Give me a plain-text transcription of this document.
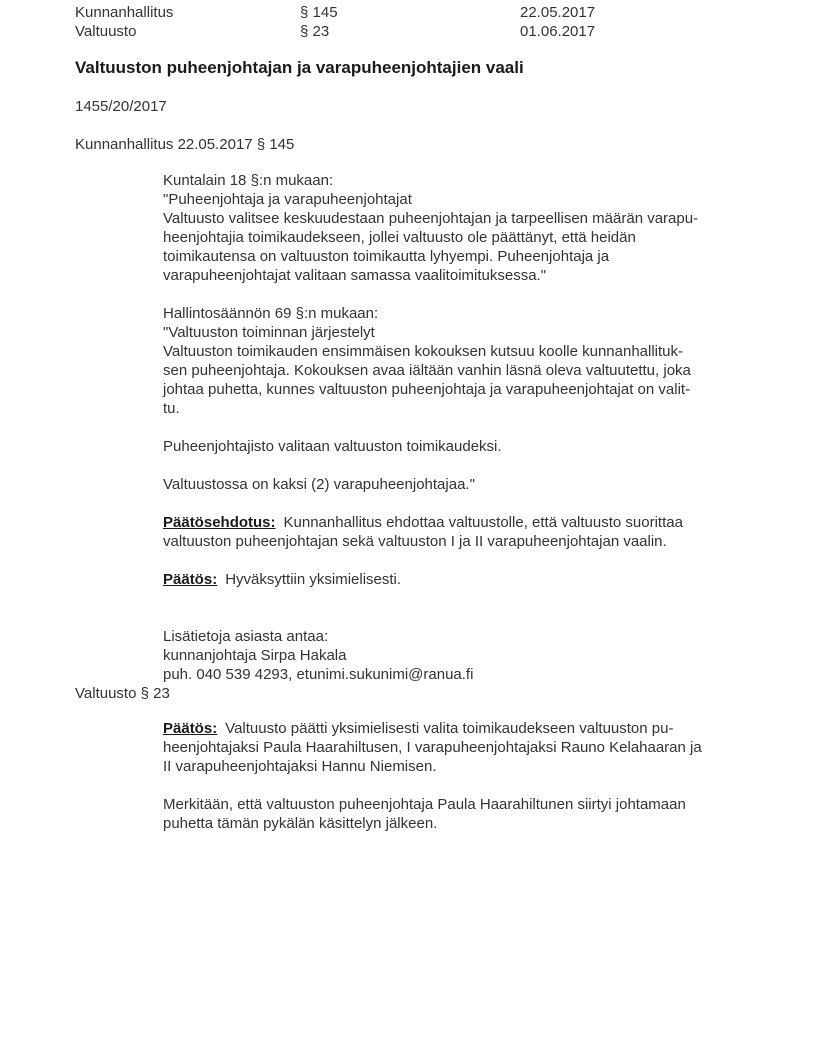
Kunnanhallitus	§ 145	22.05.2017
Valtuusto	§ 23	01.06.2017
Valtuuston puheenjohtajan ja varapuheenjohtajien vaali
1455/20/2017
Kunnanhallitus 22.05.2017 § 145
Kuntalain 18 §:n mukaan:
"Puheenjohtaja ja varapuheenjohtajat
Valtuusto valitsee keskuudestaan puheenjohtajan ja tarpeellisen määrän varapu-
heenjohtajia toimikaudekseen, jollei valtuusto ole päättänyt, että heidän
toimikautensa on valtuuston toimikautta lyhyempi. Puheenjohtaja ja
varapuheenjohtajat valitaan samassa vaalitoimituksessa."
Hallintosäännön 69 §:n mukaan:
"Valtuuston toiminnan järjestelyt
Valtuuston toimikauden ensimmäisen kokouksen kutsuu koolle kunnanhallituk-
sen puheenjohtaja. Kokouksen avaa iältään vanhin läsnä oleva valtuutettu, joka
johtaa puhetta, kunnes valtuuston puheenjohtaja ja varapuheenjohtajat on valit-
tu.
Puheenjohtajisto valitaan valtuuston toimikaudeksi.
Valtuustossa on kaksi (2) varapuheenjohtajaa."
Päätösehdotus: Kunnanhallitus ehdottaa valtuustolle, että valtuusto suorittaa
valtuuston puheenjohtajan sekä valtuuston I ja II varapuheenjohtajan vaalin.
Päätös: Hyväksyttiin yksimielisesti.
Lisätietoja asiasta antaa:
kunnanjohtaja Sirpa Hakala
puh. 040 539 4293, etunimi.sukunimi@ranua.fi
Valtuusto § 23
Päätös: Valtuusto päätti yksimielisesti valita toimikaudekseen valtuuston pu-
heenjohtajaksi Paula Haarahiltusen, I varapuheenjohtajaksi Rauno Kelahaaran ja
II varapuheenjohtajaksi Hannu Niemisen.
Merkitään, että valtuuston puheenjohtaja Paula Haarahiltunen siirtyi johtamaan
puhetta tämän pykälän käsittelyn jälkeen.
